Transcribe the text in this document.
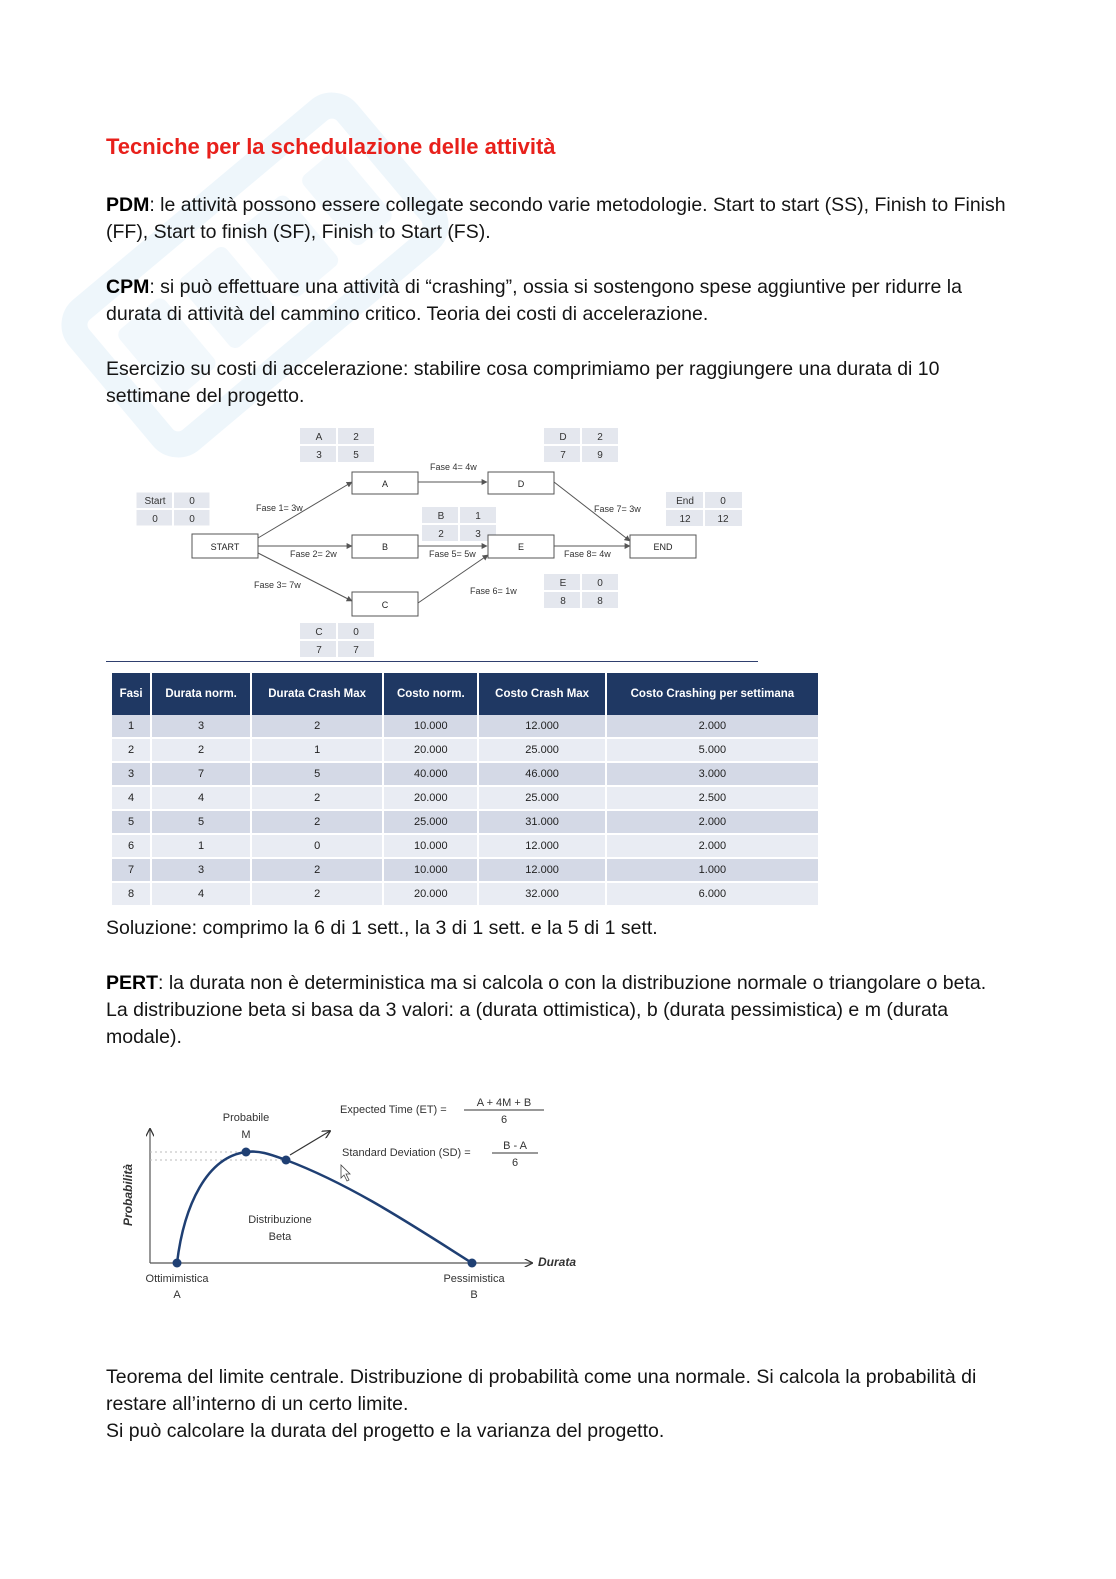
Tecniche per la schedulazione delle attività
PDM: le attività possono essere collegate secondo varie metodologie. Start to start (SS), Finish to Finish (FF), Start to finish (SF), Finish to Start (FS).
CPM: si può effettuare una attività di “crashing”, ossia si sostengono spese aggiuntive per ridurre la durata di attività del cammino critico. Teoria dei costi di accelerazione.
Esercizio su costi di accelerazione: stabilire cosa comprimiamo per raggiungere una durata di 10 settimane del progetto.
Start 0
0	0
A	2
3	5
B	1
2	3
C	0
7	7
D	2
7	9
E	0
8	8
End	0
12	12
Fase 1= 3w
Fase 2= 2w
Fase 3= 7w
Fase 4= 4w
Fase 5= 5w
Fase 6= 1w
Fase 7= 3w
Fase 8= 4w
START
A
B
C
D
E	END
Fasi	Durata norm.	Durata Crash Max	Costo norm.	Costo Crash Max	Costo Crashing per settimana
1	3	2	10.000	12.000	2.000
2	2	1	20.000	25.000	5.000
3	7	5	40.000	46.000	3.000
4	4	2	20.000	25.000	2.500
5	5	2	25.000	31.000	2.000
6	1	0	10.000	12.000	2.000
7	3	2	10.000	12.000	1.000
8	4	2	20.000	32.000	6.000
Soluzione: comprimo la 6 di 1 sett., la 3 di 1 sett. e la 5 di 1 sett.
PERT: la durata non è deterministica ma si calcola o con la distribuzione normale o triangolare o beta. La distribuzione beta si basa da 3 valori: a (durata ottimistica), b (durata pessimistica) e m (durata modale).
Probabilità
Durata
Probabile
M
Distribuzione
Beta
Ottimimistica
A
Pessimistica
B
Expected Time (ET) =
A + 4M + B
6
Standard Deviation (SD) =
B - A
6
Teorema del limite centrale. Distribuzione di probabilità come una normale. Si calcola la probabilità di restare all’interno di un certo limite.
Si può calcolare la durata del progetto e la varianza del progetto.
